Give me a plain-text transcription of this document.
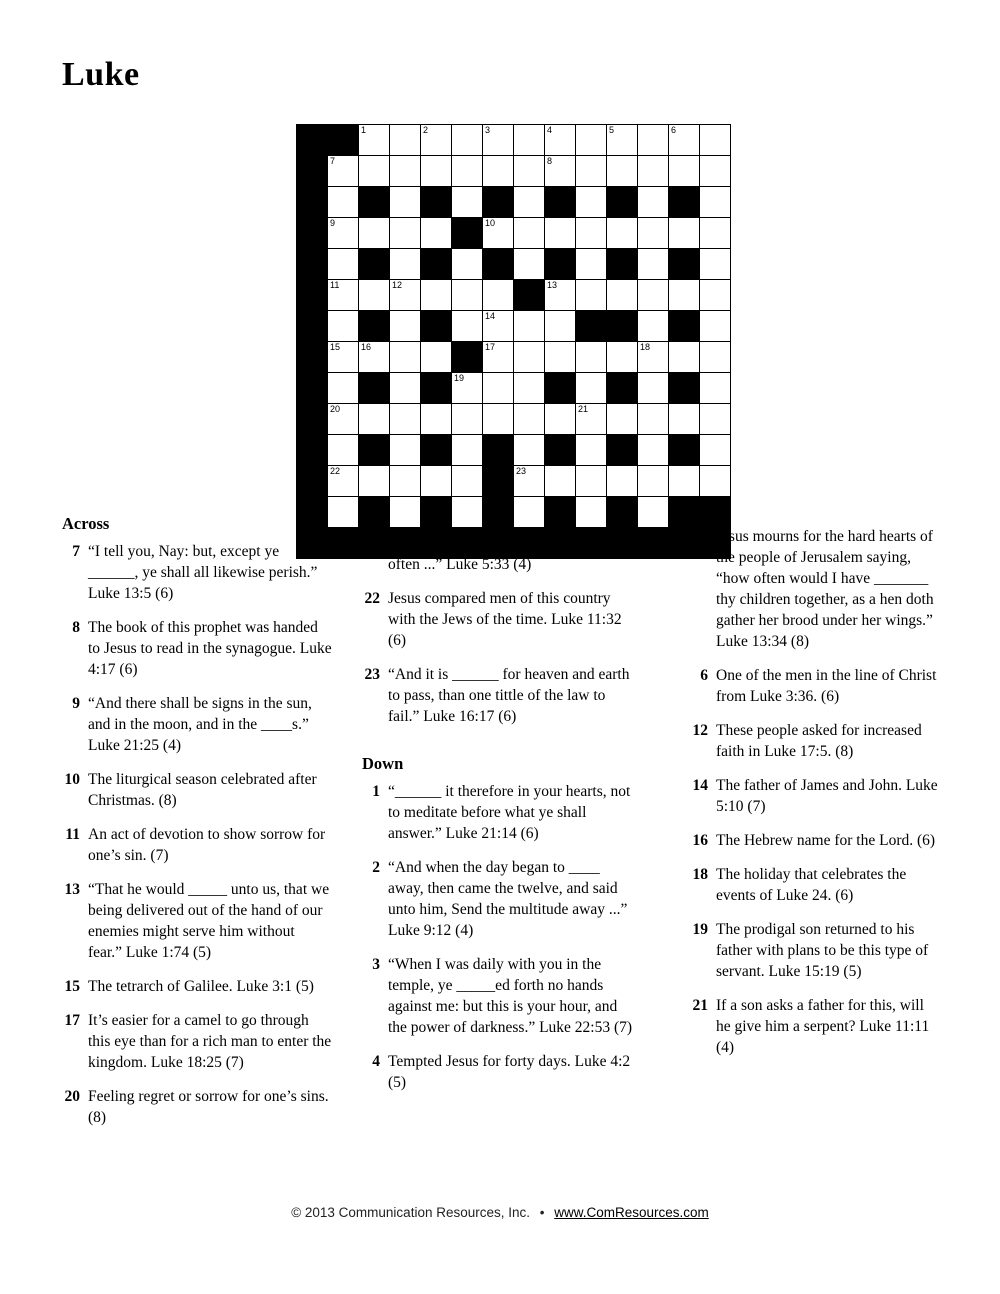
Luke

		1		2		3		4		5		6	

	7							8					

	9					10							

	11		12					13					

						14							

	15	16				17					18		

					19								

	20								21				

	22						23						

Across
7 “I tell you, Nay: but, except ye ______, ye shall all likewise perish.” Luke 13:5 (6)
8 The book of this prophet was handed to Jesus to read in the synagogue. Luke 4:17 (6)
9 “And there shall be signs in the sun, and in the moon, and in the ____s.” Luke 21:25 (4)
10 The liturgical season celebrated after Christmas. (8)
11 An act of devotion to show sorrow for one’s sin. (7)
13 “That he would _____ unto us, that we being delivered out of the hand of our enemies might serve him without fear.” Luke 1:74 (5)
15 The tetrarch of Galilee. Luke 3:1 (5)
17 It’s easier for a camel to go through this eye than for a rich man to enter the kingdom. Luke 18:25 (7)
20 Feeling regret or sorrow for one’s sins. (8)
21 “Why do the disciples of John ____ often ...” Luke 5:33 (4)
22 Jesus compared men of this country with the Jews of the time. Luke 11:32 (6)
23 “And it is ______ for heaven and earth to pass, than one tittle of the law to fail.” Luke 16:17 (6)
Down
1 “______ it therefore in your hearts, not to meditate before what ye shall answer.” Luke 21:14 (6)
2 “And when the day began to ____ away, then came the twelve, and said unto him, Send the multitude away ...” Luke 9:12 (4)
3 “When I was daily with you in the temple, ye _____ed forth no hands against me: but this is your hour, and the power of darkness.” Luke 22:53 (7)
4 Tempted Jesus for forty days. Luke 4:2 (5)
5 Jesus mourns for the hard hearts of the people of Jerusalem saying, “how often would I have _______ thy children together, as a hen doth gather her brood under her wings.” Luke 13:34 (8)
6 One of the men in the line of Christ from Luke 3:36. (6)
12 These people asked for increased faith in Luke 17:5. (8)
14 The father of James and John. Luke 5:10 (7)
16 The Hebrew name for the Lord. (6)
18 The holiday that celebrates the events of Luke 24. (6)
19 The prodigal son returned to his father with plans to be this type of servant. Luke 15:19 (5)
21 If a son asks a father for this, will he give him a serpent? Luke 11:11 (4)
© 2013 Communication Resources, Inc. • www.ComResources.com
